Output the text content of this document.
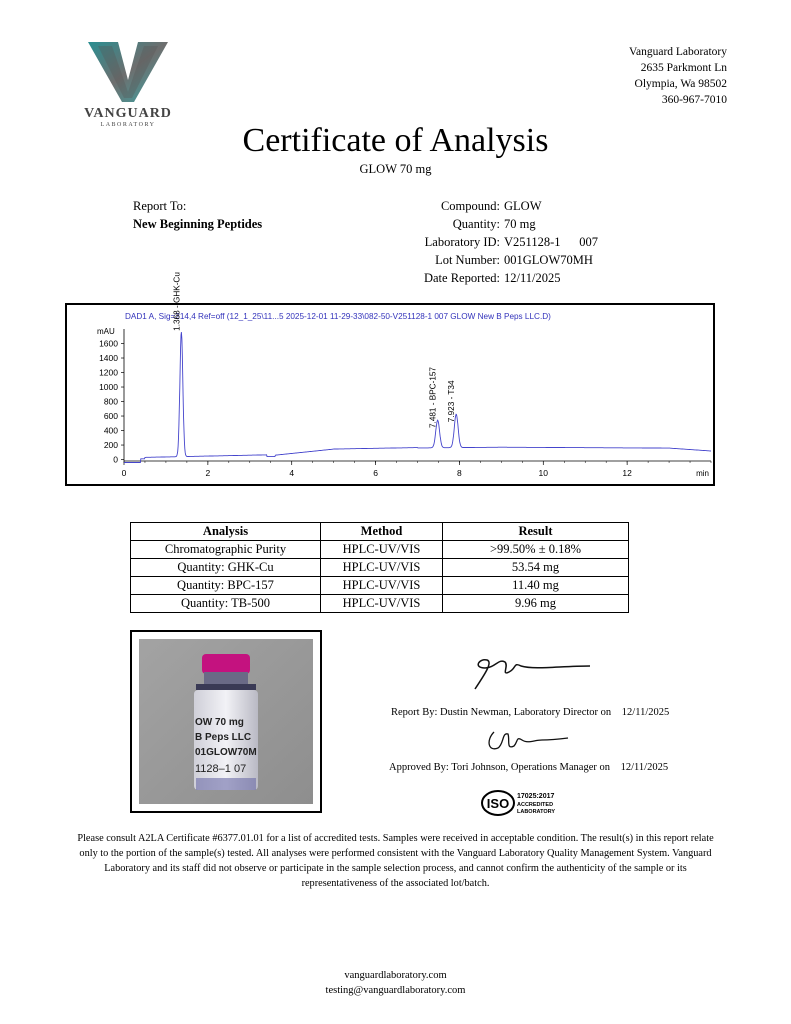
VANGUARD
LABORATORY
Vanguard Laboratory
2635 Parkmont Ln
Olympia, Wa 98502
360-967-7010
Certificate of Analysis
GLOW 70 mg
Report To:
New Beginning Peptides
Compound: GLOW
Quantity: 70 mg
Laboratory ID: V251128-1      007
Lot Number: 001GLOW70MH
Date Reported: 12/11/2025
DAD1 A, Sig=214,4 Ref=off (12_1_25\11...5 2025-12-01 11-29-33\082-50-V251128-1 007 GLOW New B Peps LLC.D)
mAU
0
200
400
600
800
1000
1200
1400
1600
0	2	4	6	8	10	12	min
1.368 - GHK-Cu
7.481 - BPC-157 7.923 - T34
Analysis	Method	Result
Chromatographic Purity	HPLC-UV/VIS	>99.50% ± 0.18%
Quantity: GHK-Cu	HPLC-UV/VIS	53.54 mg
Quantity: BPC-157	HPLC-UV/VIS	11.40 mg
Quantity: TB-500	HPLC-UV/VIS	9.96 mg
OW 70 mg
B Peps LLC
01GLOW70M
1128–1 07
Report By: Dustin Newman, Laboratory Director on 12/11/2025
Approved By: Tori Johnson, Operations Manager on 12/11/2025
ISO 17025:2017
ACCREDITED
LABORATORY
Please consult A2LA Certificate #6377.01.01 for a list of accredited tests. Samples were received in acceptable condition. The result(s) in this report relate only to the portion of the sample(s) tested. All analyses were performed consistent with the Vanguard Laboratory Quality Management System. Vanguard Laboratory and its staff did not observe or participate in the sample selection process, and cannot confirm the authenticity of the sample or its representativeness of the associated lot/batch.
vanguardlaboratory.com
testing@vanguardlaboratory.com
